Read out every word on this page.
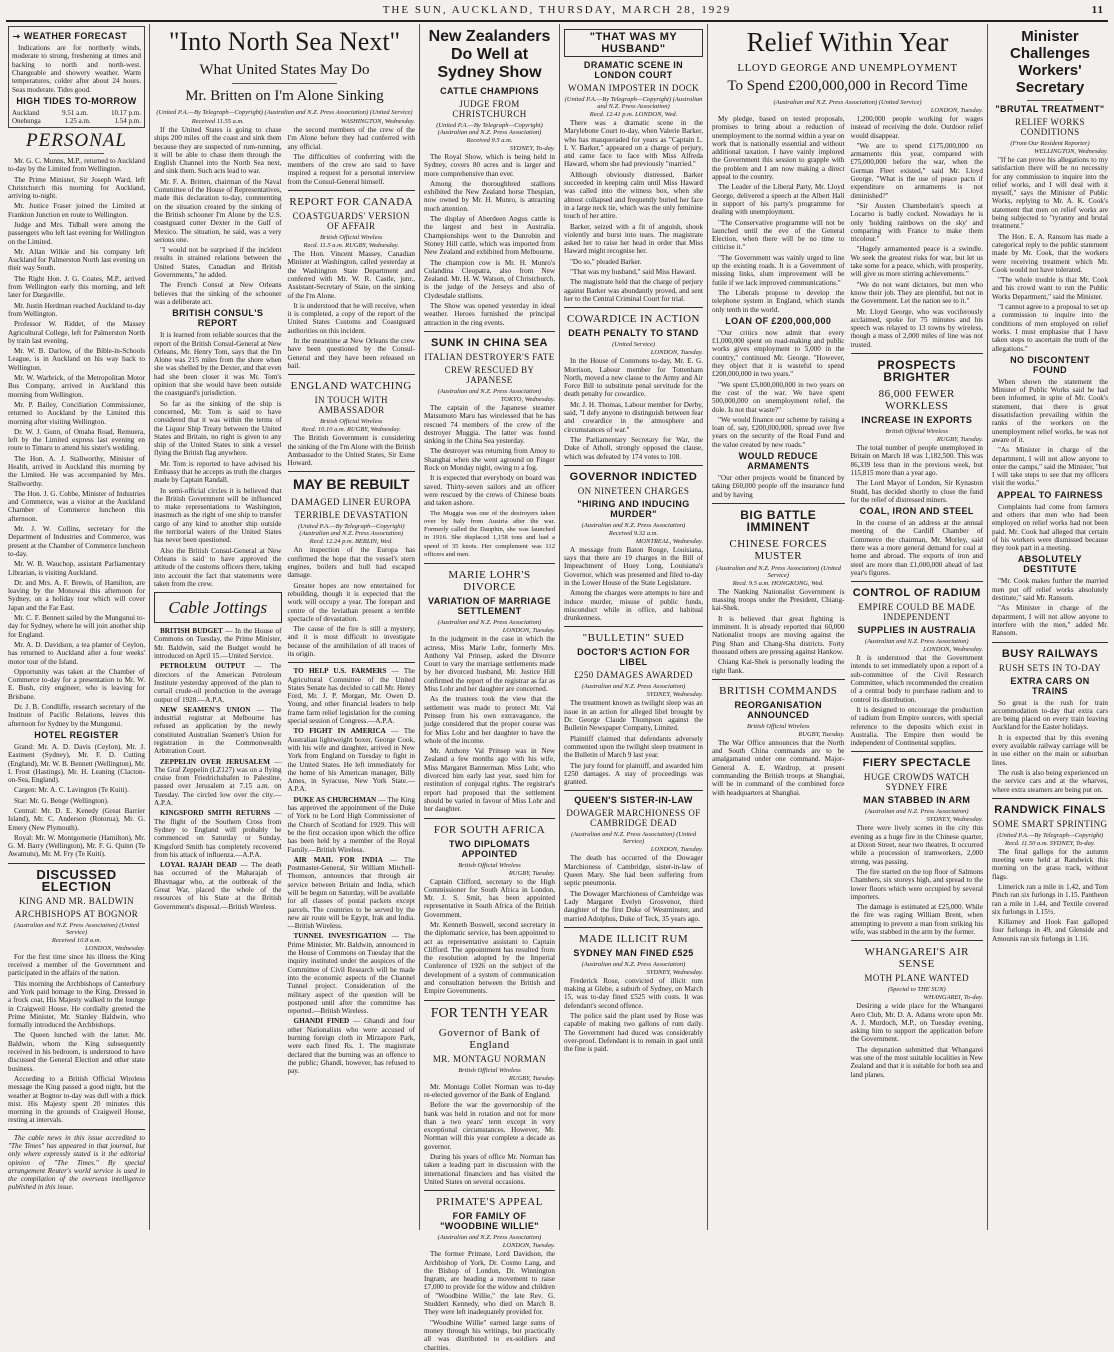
THE SUN, AUCKLAND, THURSDAY, MARCH 28, 1929	11
WEATHER FORECAST

Indications are for northerly winds, moderate to strong, freshening at times and backing to north and north-west. Changeable and showery weather. Warm temperatures, colder after about 24 hours. Seas moderate. Tides good.

HIGH TIDES TO-MORROW
Auckland	9.51 a.m.	10.17 p.m.
Onehunga	1.25 a.m.	1.54 p.m.
PERSONAL

Mr. G. C. Munns, M.P., returned to Auckland to-day by the Limited from Wellington.

The Prime Minister, Sir Joseph Ward, left Christchurch this morning for Auckland, arriving to-night.

Mr. Justice Fraser joined the Limited at Frankton Junction en route to Wellington.

Judge and Mrs. Tidball were among the passengers who left last evening for Wellington on the Limited.

Mr. Allan Wilkie and his company left Auckland for Palmerston North last evening on their way South.

The Right Hon. J. G. Coates, M.P., arrived from Wellington early this morning, and left later for Dargaville.

Mr. Justin Herdman reached Auckland to-day from Wellington.

Professor W. Riddet, of the Massey Agricultural College, left for Palmerston North by train last evening.

Mr. W. B. Darlow, of the Bible-in-Schools League, is in Auckland on his way back to Wellington.

Mr. W. Warbrick, of the Metropolitan Motor Bus Company, arrived in Auckland this morning from Wellington.

Mr. P. Bailey, Conciliation Commissioner, returned to Auckland by the Limited this morning after visiting Wellington.

Dr. W. J. Gunn, of Omaha Road, Remuera, left by the Limited express last evening en route to Timaru to attend his sister's wedding.

The Hon. A. J. Stallworthy, Minister of Health, arrived in Auckland this morning by the Limited. He was accompanied by Mrs. Stallworthy.

The Hon. J. G. Cobbe, Minister of Industries and Commerce, was a visitor at the Auckland Chamber of Commerce luncheon this afternoon.

Mr. J. W. Collins, secretary for the Department of Industries and Commerce, was present at the Chamber of Commerce luncheon to-day.

Mr. W. B. Wauchop, assistant Parliamentary Librarian, is visiting Auckland.

Dr. and Mrs. A. F. Brewis, of Hamilton, are leaving by the Monowai this afternoon for Sydney, on a holiday tour which will cover Japan and the Far East.

Mr. C. F. Bennett sailed by the Mungunui to-day for Sydney, where he will join another ship for England.

Mr. A. D. Davidson, a tea planter of Ceylon, has returned to Auckland after a four weeks' motor tour of the Island.

Opportunity was taken at the Chamber of Commerce to-day for a presentation to Mr. W. E. Bush, city engineer, who is leaving for Brisbane.

Dr. J. B. Condliffe, research secretary of the Institute of Pacific Relations, leaves this afternoon for Sydney by the Mungunui.

HOTEL REGISTER

Grand: Mr. A. D. Davis (Ceylon), Mr. J. Eastment (Sydney), Mr. F. D. Cutting (England), Mr. W. B. Bennett (Wellington), Mr. I. Frost (Hastings), Mr. H. Leaning (Clacton-on-Sea, England).

Cargen: Mr. A. C. Lavington (Te Kuiti).

Star: Mr. G. Benge (Wellington).

Central: Mr. D. E. Kenedy (Great Barrier Island), Mr. C. Anderson (Rotorua), Mr. G. Emery (New Plymouth).

Royal: Mr. W. Montgomerie (Hamilton), Mr. G. M. Barry (Wellington), Mr. F. G. Quinn (Te Awamutu), Mr. M. Fry (Te Kuiti).

DISCUSSED ELECTION
KING AND MR. BALDWIN
ARCHBISHOPS AT BOGNOR
(Australian and N.Z. Press Association) (United Service)
Received 10.8 a.m.
LONDON, Wednesday.

For the first time since his illness the King received a member of the Government and participated in the affairs of the nation.

This morning the Archbishops of Canterbury and York paid homage to the King. Dressed in a frock coat, His Majesty walked to the lounge in Craigweil House. He cordially greeted the Prime Minister, Mr. Stanley Baldwin, who formally introduced the Archbishops.

The Queen lunched with the latter. Mr. Baldwin, whom the King subsequently received in his bedroom, is understood to have discussed the General Election and other state business.

According to a British Official Wireless message the King passed a good night, but the weather at Bognor to-day was dull with a thick mist. His Majesty spent 20 minutes this morning in the grounds of Craigweil House, resting at intervals.

The cable news in this issue accredited to "The Times" has appeared in that journal, but only where expressly stated is it the editorial opinion of "The Times." By special arrangement Reuter's world service is used in the compilation of the overseas intelligence published in this issue.

"Into North Sea Next"
What United States May Do
Mr. Britten on I'm Alone Sinking
(United P.A.—By Telegraph—Copyright) (Australian and N.Z. Press Association) (United Service)
Received 11.55 a.m.

If the United States is going to chase ships 200 miles off the coast and sink them because they are suspected of rum-running, it will be able to chase them through the English Channel into the North Sea next, and sink them. Such acts lead to war.

Mr. F. A. Britten, chairman of the Naval Committee of the House of Representatives, made this declaration to-day, commenting on the situation created by the sinking of the British schooner I'm Alone by the U.S. coastguard cutter Dexter in the Gulf of Mexico. The situation, he said, was a very serious one.

"I would not be surprised if the incident results in strained relations between the United States, Canadian and British Governments," he added.

The French Consul at New Orleans believes that the sinking of the schooner was a deliberate act.

BRITISH CONSUL'S REPORT

It is learned from reliable sources that the report of the British Consul-General at New Orleans, Mr. Henry Tom, says that the I'm Alone was 215 miles from the shore when she was shelled by the Dexter, and that even had she been closer it was Mr. Tom's opinion that she would have been outside the coastguard's jurisdiction.

So far as the sinking of the ship is concerned, Mr. Tom is said to have considered that it was within the terms of the Liquor Ship Treaty between the United States and Britain, no right is given to any ship of the United States to sink a vessel flying the British flag anywhere.

Mr. Tom is reported to have advised his Embassy that he accepts as truth the charges made by Captain Randall.

In semi-official circles it is believed that the British Government will be influenced to make representations to Washington, inasmuch as the right of one ship to transfer cargo of any kind to another ship outside the territorial waters of the United States has never been questioned.

Also the British Consul-General at New Orleans is said to have approved the attitude of the customs officers there, taking into account the fact that statements were taken from the crew.

Cable Jottings

BRITISH BUDGET — In the House of Commons on Tuesday, the Prime Minister, Mr. Baldwin, said the Budget would be introduced on April 15.—United Service.

PETROLEUM OUTPUT — The directors of the American Petroleum Institute yesterday approved of the plan to curtail crude-oil production to the average output of 1928.—A.P.A.

NEW SEAMEN'S UNION — The industrial registrar at Melbourne has refused an application by the newly constituted Australian Seamen's Union for registration in the Commonwealth Arbitration Court.

ZEPPELIN OVER JERUSALEM — The Graf Zeppelin (LZ127) was on a flying cruise from Friedrichshafen to Palestine, passed over Jerusalem at 7.15 a.m. on Tuesday. The circled low over the city.—A.P.A.

KINGSFORD SMITH RETURNS — The flight of the Southern Cross from Sydney to England will probably be commenced on Saturday or Sunday. Kingsford Smith has completely recovered from his attack of influenza.—A.P.A.

LOYAL RAJAH DEAD — The death has occurred of the Maharajah of Bhavnagar who, at the outbreak of the Great War, placed the whole of the resources of his State at the British Government's disposal.—British Wireless.

WASHINGTON, Wednesday.

the second members of the crew of the I'm Alone before they had conferred with any official.

The difficulties of conferring with the members of the crew are said to have inspired a request for a personal interview from the Consul-General himself.

REPORT FOR CANADA
COASTGUARDS' VERSION OF AFFAIR
British Official Wireless
Recd. 11.5 a.m. RUGBY, Wednesday.

The Hon. Vincent Massey, Canadian Minister at Washington, called yesterday at the Washington State Department and conferred with Mr. W. R. Castle, junr., Assistant-Secretary of State, on the sinking of the I'm Alone.

It is understood that he will receive, when it is completed, a copy of the report of the United States Customs and Coastguard authorities on this incident.

In the meantime at New Orleans the crew have been questioned by the Consul-General and they have been released on bail.

ENGLAND WATCHING
IN TOUCH WITH AMBASSADOR
British Official Wireless
Recd. 10.10 a.m. RUGBY, Wednesday.

The British Government is considering the sinking of the I'm Alone with the British Ambassador to the United States, Sir Esme Howard.

MAY BE REBUILT
DAMAGED LINER EUROPA
TERRIBLE DEVASTATION
(United P.A.—By Telegraph—Copyright) (Australian and N.Z. Press Association)
Recd. 12.24 p.m. BERLIN, Wed.

An inspection of the Europa has confirmed the hope that the vessel's stern engines, boilers and hull had escaped damage.

Greater hopes are now entertained for rebuilding, though it is expected that the work will occupy a year. The forepart and centre of the leviathan present a terrible spectacle of devastation.

The cause of the fire is still a mystery, and it is most difficult to investigate because of the annihilation of all traces of its origin.

TO HELP U.S. FARMERS — The Agricultural Committee of the United States Senate has decided to call Mr. Henry Ford, Mr. J. P. Morgan, Mr. Owen D. Young, and other financial leaders to help frame farm relief legislation for the coming special session of Congress.—A.P.A.

TO FIGHT IN AMERICA — The Australian lightweight boxer, George Cook, with his wife and daughter, arrived in New York from England on Tuesday to fight in the United States. He left immediately for the home of his American manager, Billy Ames, in Syracuse, New York State.—A.P.A.

DUKE AS CHURCHMAN — The King has approved the appointment of the Duke of York to be Lord High Commissioner of the Church of Scotland for 1929. This will be the first occasion upon which the office has been held by a member of the Royal Family.—British Wireless.

AIR MAIL FOR INDIA — The Postmaster-General, Sir William Mitchell-Thomson, announces that through air service between Britain and India, which will be begun on Saturday, will be available for all classes of postal packets except parcels. The countries to be served by the new air route will be Egypt, Irak and India.—British Wireless.

TUNNEL INVESTIGATION — The Prime Minister, Mr. Baldwin, announced in the House of Commons on Tuesday that the inquiry instituted under the auspices of the Committee of Civil Research will be made into the economic aspects of the Channel Tunnel project. Consideration of the military aspect of the question will be postponed until after the committee has reported.—British Wireless.

GHANDI FINED — Ghandi and four other Nationalists who were accused of burning foreign cloth in Mirzapore Park, were each fined Rs. 1. The magistrate declared that the burning was an offence to the public; Ghandi, however, has refused to pay.

New Zealanders Do Well at Sydney Show
CATTLE CHAMPIONS
JUDGE FROM CHRISTCHURCH
(United P.A.—By Telegraph—Copyright) (Australian and N.Z. Press Association)
Received 9.5 a.m.
SYDNEY, To-day.

The Royal Show, which is being held in Sydney, covers 80 acres and is larger and more comprehensive than ever.

Among the thoroughbred stallions exhibited the New Zealand horse Thespian, now owned by Mr. H. Munro, is attracting much attention.

The display of Aberdeen Angus cattle is the largest and best in Australia. Championships went to the Dunrobin and Stoney Hill cattle, which was imported from New Zealand and exhibited from Melbourne.

The champion cow is Mr. H. Munro's Colandina Cleopatra, also from New Zealand. Mr. H. W. Watson, of Christchurch, is the judge of the Jerseys and also of Clydesdale stallions.

The Show was opened yesterday in ideal weather. Heroes furnished the principal attraction in the ring events.

SUNK IN CHINA SEA
ITALIAN DESTROYER'S FATE
CREW RESCUED BY JAPANESE
(Australian and N.Z. Press Association)
TOKYO, Wednesday.

The captain of the Japanese steamer Matsumoto Maru has wirelessed that he has rescued 74 members of the crew of the destroyer Muggia. The latter was found sinking in the China Sea yesterday.

The destroyer was returning from Amoy to Shanghai when she went aground on Finger Rock on Monday night, owing to a fog.

It is expected that everybody on board was saved. Thirty-seven sailors and an officer were rescued by the crews of Chinese boats and taken ashore.

The Muggia was one of the destroyers taken over by Italy from Austria after the war. Formerly called the Dauphin, she was launched in 1916. She displaced 1,158 tons and had a speed of 35 knots. Her complement was 112 officers and men.

MARIE LOHR'S DIVORCE
VARIATION OF MARRIAGE SETTLEMENT
(Australian and N.Z. Press Association)
LONDON, Tuesday.

In the judgment in the case in which the actress, Miss Marie Lohr, formerly Mrs. Anthony Val Prinsep, asked the Divorce Court to vary the marriage settlements made by her divorced husband, Mr. Justice Hill confirmed the report of the registrar as far as Miss Lohr and her daughter are concerned.

As the trustees took the view that the settlement was made to protect Mr. Val Prinsep from his own extravagance, the judge considered that the proper course was for Miss Lohr and her daughter to have the whole of the income.

Mr. Anthony Val Prinsep was in New Zealand a few months ago with his wife, Miss Margaret Bannerman. Miss Lohr, who divorced him early last year, sued him for restitution of conjugal rights. The registrar's report had proposed that the settlement should be varied in favour of Miss Lohr and her daughter.

FOR SOUTH AFRICA
TWO DIPLOMATS APPOINTED
British Official Wireless
RUGBY, Tuesday.

Captain Clifford, secretary to the High Commissioner for South Africa in London, Mr. J. S. Smit, has been appointed representative in South Africa of the British Government.

Mr. Kenneth Boswell, second secretary in the diplomatic service, has been appointed to act as representative assistant to Captain Clifford. The appointment has resulted from the resolution adopted by the Imperial Conference of 1926 on the subject of the development of a system of communication and consultation between the British and Empire Governments.

FOR TENTH YEAR
Governor of Bank of England
MR. MONTAGU NORMAN
British Official Wireless
RUGBY, Tuesday.

Mr. Montagu Collet Norman was to-day re-elected governor of the Bank of England.

Before the war the governorship of the bank was held in rotation and not for more than a two years' term except in very exceptional circumstances. However, Mr. Norman will this year complete a decade as governor.

During his years of office Mr. Norman has taken a leading part in discussion with the international financiers and has visited the United States on several occasions.

PRIMATE'S APPEAL
FOR FAMILY OF "WOODBINE WILLIE"
(Australian and N.Z. Press Association)
LONDON, Tuesday.

The former Primate, Lord Davidson, the Archbishop of York, Dr. Cosmo Lang, and the Bishop of London, Dr. Winnington Ingram, are heading a movement to raise £7,000 to provide for the widow and children of "Woodbine Willie," the late Rev. G. Studdert Kennedy, who died on March 8. They were left inadequately provided for.

"Woodbine Willie" earned large sums of money through his writings, but practically all was distributed to ex-soldiers and charities.

"THAT WAS MY HUSBAND"
DRAMATIC SCENE IN LONDON COURT
WOMAN IMPOSTER IN DOCK
(United P.A.—By Telegraph—Copyright) (Australian and N.Z. Press Association)
Recd. 12.41 p.m. LONDON, Wed.

There was a dramatic scene in the Marylebone Court to-day, when Valerie Barker, who has masqueraded for years as "Captain L. I. V. Barker," appeared on a charge of perjury, and came face to face with Miss Alfreda Haward, whom she had previously "married."

Although obviously distressed, Barker succeeded in keeping calm until Miss Haward was called into the witness box, when she almost collapsed and frequently buried her face in a large neck tie, which was the only feminine touch of her attire.

Barker, seized with a fit of anguish, shook violently and burst into tears. The magistrate asked her to raise her head in order that Miss Haward might recognise her.

"Do so," pleaded Barker.

"That was my husband," said Miss Haward.

The magistrate held that the charge of perjury against Barker was abundantly proved, and sent her to the Central Criminal Court for trial.

COWARDICE IN ACTION
DEATH PENALTY TO STAND
(United Service)
LONDON, Tuesday.

In the House of Commons to-day, Mr. E. G. Morrison, Labour member for Tottenham North, moved a new clause to the Army and Air Force Bill to substitute penal servitude for the death penalty for cowardice.

Mr. J. H. Thomas, Labour member for Derby, said, "I defy anyone to distinguish between fear and cowardice in the atmosphere and circumstances of war."

The Parliamentary Secretary for War, the Duke of Atholl, strongly opposed the clause, which was defeated by 174 votes to 108.

GOVERNOR INDICTED
ON NINETEEN CHARGES
"HIRING AND INDUCING MURDER"
(Australian and N.Z. Press Association)
Received 9.32 a.m.
MONTREAL, Wednesday.

A message from Baton Rouge, Louisiana, says that there are 19 charges in the Bill of Impeachment of Huey Long, Louisiana's Governor, which was presented and filed to-day in the Lower House of the State Legislature.

Among the charges were attempts to hire and induce murder, misuse of public funds, misconduct while in office, and habitual drunkenness.

"BULLETIN" SUED
DOCTOR'S ACTION FOR LIBEL
£250 DAMAGES AWARDED
(Australian and N.Z. Press Association)
SYDNEY, Wednesday.

The treatment known as twilight sleep was an issue in an action for alleged libel brought by Dr. George Claude Thompson against the Bulletin Newspaper Company, Limited.

Plaintiff claimed that defendants adversely commented upon the twilight sleep treatment in the Bulletin of March 9 last year.

The jury found for plaintiff, and awarded him £250 damages. A stay of proceedings was granted.

QUEEN'S SISTER-IN-LAW
DOWAGER MARCHIONESS OF CAMBRIDGE DEAD
(Australian and N.Z. Press Association) (United Service)
LONDON, Tuesday.

The death has occurred of the Dowager Marchioness of Cambridge, sister-in-law of Queen Mary. She had been suffering from septic pneumonia.

The Dowager Marchioness of Cambridge was Lady Margaret Evelyn Grosvenor, third daughter of the first Duke of Westminster, and married Adolphus, Duke of Teck, 35 years ago.

MADE ILLICIT RUM
SYDNEY MAN FINED £525
(Australian and N.Z. Press Association)
SYDNEY, Wednesday.

Frederick Rose, convicted of illicit rum making at Glebe, a suburb of Sydney, on March 15, was to-day fined £525 with costs. It was defendant's second offence.

The police said the plant used by Rose was capable of making two gallons of rum daily. The Government had duced was considerably over-proof. Defendant is to remain in gaol until the fine is paid.

Relief Within Year
LLOYD GEORGE AND UNEMPLOYMENT
To Spend £200,000,000 in Record Time
(Australian and N.Z. Press Association) (United Service)
LONDON, Tuesday.

My pledge, based on tested proposals, promises to bring about a reduction of unemployment to the normal within a year on work that is nationally essential and without additional taxation. I have vainly implored the Government this session to grapple with the problem and I am now making a direct appeal to the country.

The Leader of the Liberal Party, Mr. Lloyd George, delivered a speech at the Albert Hall in support of his party's programme for dealing with unemployment.

"The Conservative programme will not be launched until the eve of the General Election, when there will be no time to criticise it."

"The Government was vainly urged to line up the existing roads. It is a Government of missing links, slum improvement will be futile if we lack improved communications."

The Liberals propose to develop the telephone system in England, which stands only tenth in the world.

LOAN OF £200,000,000

"Our critics now admit that every £1,000,000 spent on road-making and public works gives employment to 5,000 in the country," continued Mr. George. "However, they object that it is wasteful to spend £200,000,000 in two years."

"We spent £5,000,000,000 in two years on the cost of the war. We have spent 500,000,000 on unemployment relief, the dole. Is not that waste?"

"We would finance our scheme by raising a loan of, say, £200,000,000, spread over five years on the security of the Road Fund and the value created by new roads."

WOULD REDUCE ARMAMENTS

"Our other projects would be financed by taking £60,000 people off the insurance fund and by having

BIG BATTLE IMMINENT
CHINESE FORCES MUSTER
(Australian and N.Z. Press Association) (United Service)
Recd. 9.5 a.m. HONGKONG, Wed.

The Nanking Nationalist Government is massing troops under the President, Chiang-kai-Shek.

It is believed that great fighting is imminent. It is already reported that 60,000 Nationalist troops are moving against the Ping Shan and Chang-Sha districts. Forty thousand others are pressing against Hankow.

Chiang Kai-Shek is personally leading the right flank.

BRITISH COMMANDS
REORGANISATION ANNOUNCED
British Official Wireless
RUGBY, Tuesday.

The War Office announces that the North and South China commands are to be amalgamated under one command. Major-General A. E. Wardrop, at present commanding the British troops at Shanghai, will be in command of the combined force with headquarters at Shanghai.

1,200,000 people working for wages instead of receiving the dole. Outdoor relief would disappear.

"We are to spend £175,000,000 on armaments this year, compared with £75,000,000 before the war, when the German Fleet existed," said Mr. Lloyd George. "What is the use of peace pacts if expenditure on armaments is not diminished?"

"Sir Austen Chamberlain's speech at Locarno is badly cocked. Nowadays he is only 'holding rainbows on the sky' and comparing with France to make them tricolour."

"Hugely armamented peace is a swindle. We seek the greatest risks for war, but let us take some for a peace, which, with prosperity, will give us more stirring achievements."

"We do not want dictators, but men who know their job. They are plentiful, but not in the Government. Let the nation see to it."

Mr. Lloyd George, who was vociferously acclaimed, spoke for 75 minutes and his speech was relayed to 13 towns by wireless, though a mass of 2,000 miles of line was not trusted.

PROSPECTS BRIGHTER
86,000 FEWER WORKLESS
INCREASE IN EXPORTS
British Official Wireless
RUGBY, Tuesday.

The total number of people unemployed in Britain on March 18 was 1,182,500. This was 86,339 less than in the previous week, but 115,815 more than a year ago.

The Lord Mayor of London, Sir Kynaston Studd, has decided shortly to close the fund for the relief of distressed miners.

COAL, IRON AND STEEL

In the course of an address at the annual meeting of the Cardiff Chamber of Commerce the chairman, Mr. Morley, said there was a more general demand for coal at home and abroad. The exports of iron and steel are more than £1,000,000 ahead of last year's figures.

CONTROL OF RADIUM
EMPIRE COULD BE MADE INDEPENDENT
SUPPLIES IN AUSTRALIA
(Australian and N.Z. Press Association)
LONDON, Wednesday.

It is understood that the Government intends to set immediately upon a report of a sub-committee of the Civil Research Committee, which recommended the creation of a central body to purchase radium and to control its distribution.

It is designed to encourage the production of radium from Empire sources, with special reference to the deposits which exist in Australia. The Empire then would be independent of Continental supplies.

FIERY SPECTACLE
HUGE CROWDS WATCH SYDNEY FIRE
MAN STABBED IN ARM
(Australian and N.Z. Press Association)
SYDNEY, Wednesday.

There were lively scenes in the city this evening as a huge fire in the Chinese quarter, at Dixon Street, near two theatres. It occurred while a procession of tramworkers, 2,000 strong, was passing.

The fire started on the top floor of Salmons Chambers, six storeys high, and spread to the lower floors which were occupied by several importers.

The damage is estimated at £25,000. While the fire was raging William Brent, when attempting to prevent a man from striking his wife, was stabbed in the arm by the former.

WHANGAREI'S AIR SENSE
MOTH PLANE WANTED
(Special to THE SUN)
WHANGAREI, To-day.

Desiring a wide place for the Whangarei Aero Club, Mr. D. A. Adams wrote upon Mr. A. J. Murdoch, M.P., on Tuesday evening, asking him to support the application before the Government.

The deputation submitted that Whangarei was one of the most suitable localities in New Zealand and that it is suitable for both sea and land planes.

Minister Challenges Workers' Secretary
"BRUTAL TREATMENT"
RELIEF WORKS CONDITIONS
(From Our Resident Reporter)
WELLINGTON, Wednesday.

"If he can prove his allegations to my satisfaction there will be no necessity for any commission to inquire into the relief works, and I will deal with it myself," says the Minister of Public Works, replying to Mr. A. K. Cook's statement that men on relief works are being subjected to "tyranny and brutal treatment."

The Hon. E. A. Ransom has made a categorical reply to the public statement made by Mr. Cook, that the workers were receiving treatment which Mr. Cook would not have tolerated.

"The whole trouble is that Mr. Cook and his crowd want to run the Public Works Department," said the Minister.

"I cannot agree to a proposal to set up a commission to inquire into the conditions of men employed on relief works. I must emphasise that I have taken steps to ascertain the truth of the allegations."

NO DISCONTENT FOUND

When shown the statement the Minister of Public Works said he had been informed, in spite of Mr. Cook's statement, that there is great dissatisfaction prevailing within the ranks of the workers on the unemployment relief works, he was not aware of it.

"As Minister in charge of the department, I will not allow anyone to enter the camps," said the Minister, "but I will take steps to see that my officers visit the works."

APPEAL TO FAIRNESS

Complaints had come from farmers and others that men who had been employed on relief works had not been paid. Mr. Cook had alleged that certain of his workers were dismissed because they took part in a meeting.

ABSOLUTELY DESTITUTE

"Mr. Cook makes further the married men put off relief works absolutely destitute," said Mr. Ransom.

"As Minister in charge of the department, I will not allow anyone to interfere with the men," added Mr. Ransom.

BUSY RAILWAYS
RUSH SETS IN TO-DAY
EXTRA CARS ON TRAINS

So great is the rush for train accommodation to-day that extra cars are being placed on every train leaving Auckland for the Easter holidays.

It is expected that by this evening every available railway carriage will be in use either on the main or suburban lines.

The rush is also being experienced on the service cars and at the wharves, where extra steamers are being put on.

RANDWICK FINALS
SOME SMART SPRINTING
(United P.A.—By Telegraph—Copyright)
Recd. 11.50 a.m. SYDNEY, To-day.

The final gallops for the autumn meeting were held at Randwick this morning on the grass track, without flags.

Limerick ran a mile in 1.42, and Tom Pinch ran six furlongs in 1.15. Pantheon ran a mile in 1.44, and Textile covered six furlongs in 1.15½.

Killarney and Hook Fast galloped four furlongs in 49, and Glenside and Amounis ran six furlongs in 1.16.
